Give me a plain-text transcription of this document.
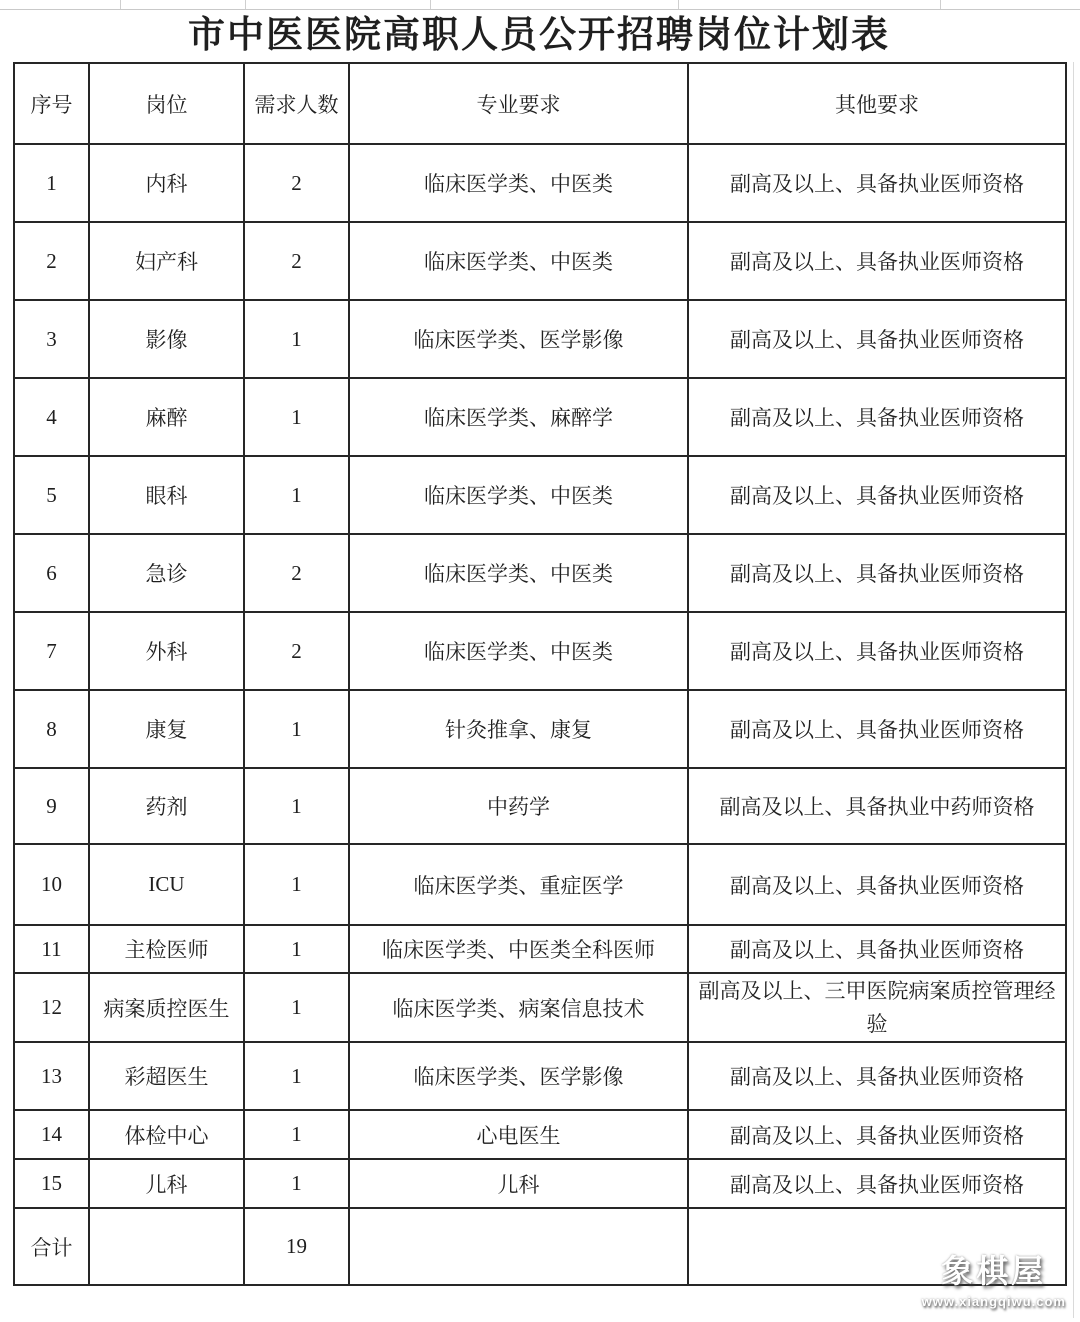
市中医医院高职人员公开招聘岗位计划表
序号	岗位	需求人数	专业要求	其他要求
1	内科	2	临床医学类、中医类	副高及以上、具备执业医师资格
2	妇产科	2	临床医学类、中医类	副高及以上、具备执业医师资格
3	影像	1	临床医学类、医学影像	副高及以上、具备执业医师资格
4	麻醉	1	临床医学类、麻醉学	副高及以上、具备执业医师资格
5	眼科	1	临床医学类、中医类	副高及以上、具备执业医师资格
6	急诊	2	临床医学类、中医类	副高及以上、具备执业医师资格
7	外科	2	临床医学类、中医类	副高及以上、具备执业医师资格
8	康复	1	针灸推拿、康复	副高及以上、具备执业医师资格
9	药剂	1	中药学	副高及以上、具备执业中药师资格
10	ICU	1	临床医学类、重症医学	副高及以上、具备执业医师资格
11	主检医师	1	临床医学类、中医类全科医师	副高及以上、具备执业医师资格
12	病案质控医生	1	临床医学类、病案信息技术	副高及以上、三甲医院病案质控管理经验
13	彩超医生	1	临床医学类、医学影像	副高及以上、具备执业医师资格
14	体检中心	1	心电医生	副高及以上、具备执业医师资格
15	儿科	1	儿科	副高及以上、具备执业医师资格
合计		19		
象棋屋
www.xiangqiwu.com
